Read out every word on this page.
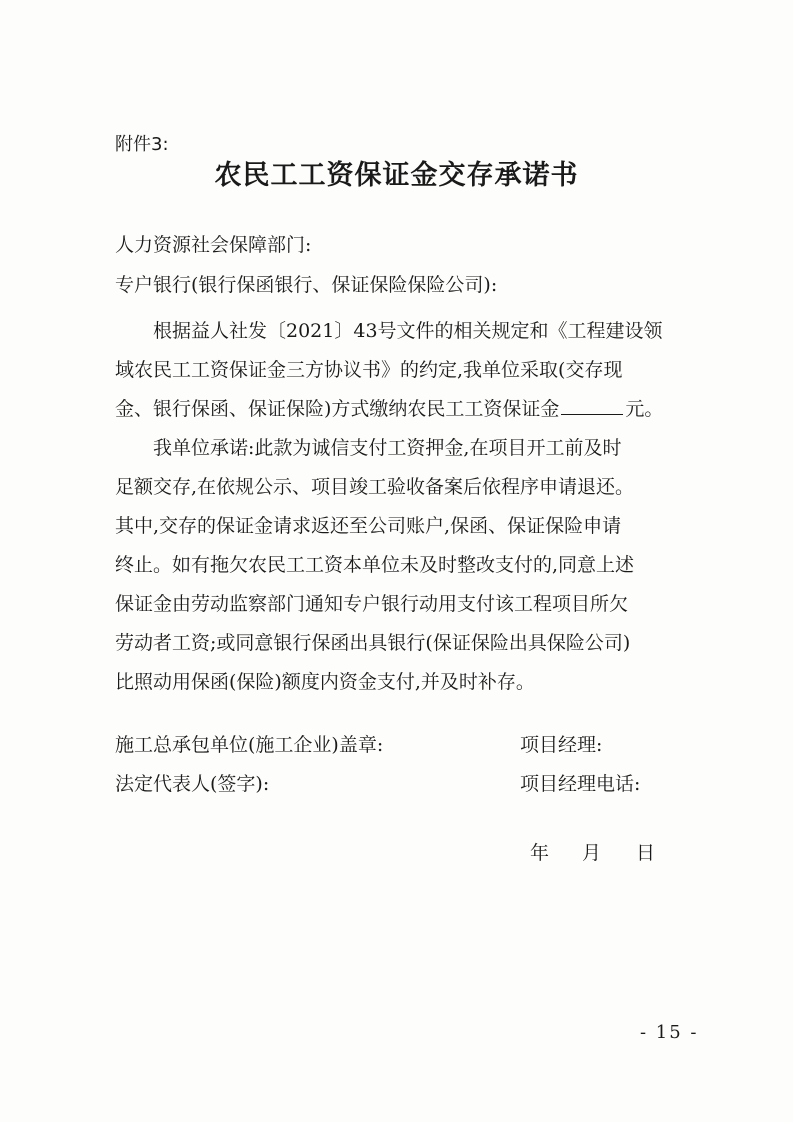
附件3:
农民工工资保证金交存承诺书
人力资源社会保障部门:
专户银行(银行保函银行、保证保险保险公司):
根据益人社发〔2021〕43号文件的相关规定和《工程建设领
域农民工工资保证金三方协议书》的约定,我单位采取(交存现
金、银行保函、保证保险)方式缴纳农民工工资保证金	元。
我单位承诺:此款为诚信支付工资押金,在项目开工前及时
足额交存,在依规公示、项目竣工验收备案后依程序申请退还。
其中,交存的保证金请求返还至公司账户,保函、保证保险申请
终止。如有拖欠农民工工资本单位未及时整改支付的,同意上述
保证金由劳动监察部门通知专户银行动用支付该工程项目所欠
劳动者工资;或同意银行保函出具银行(保证保险出具保险公司)
比照动用保函(保险)额度内资金支付,并及时补存。
施工总承包单位(施工企业)盖章:	项目经理:
法定代表人(签字):	项目经理电话:
年 月 日
- 15 -
